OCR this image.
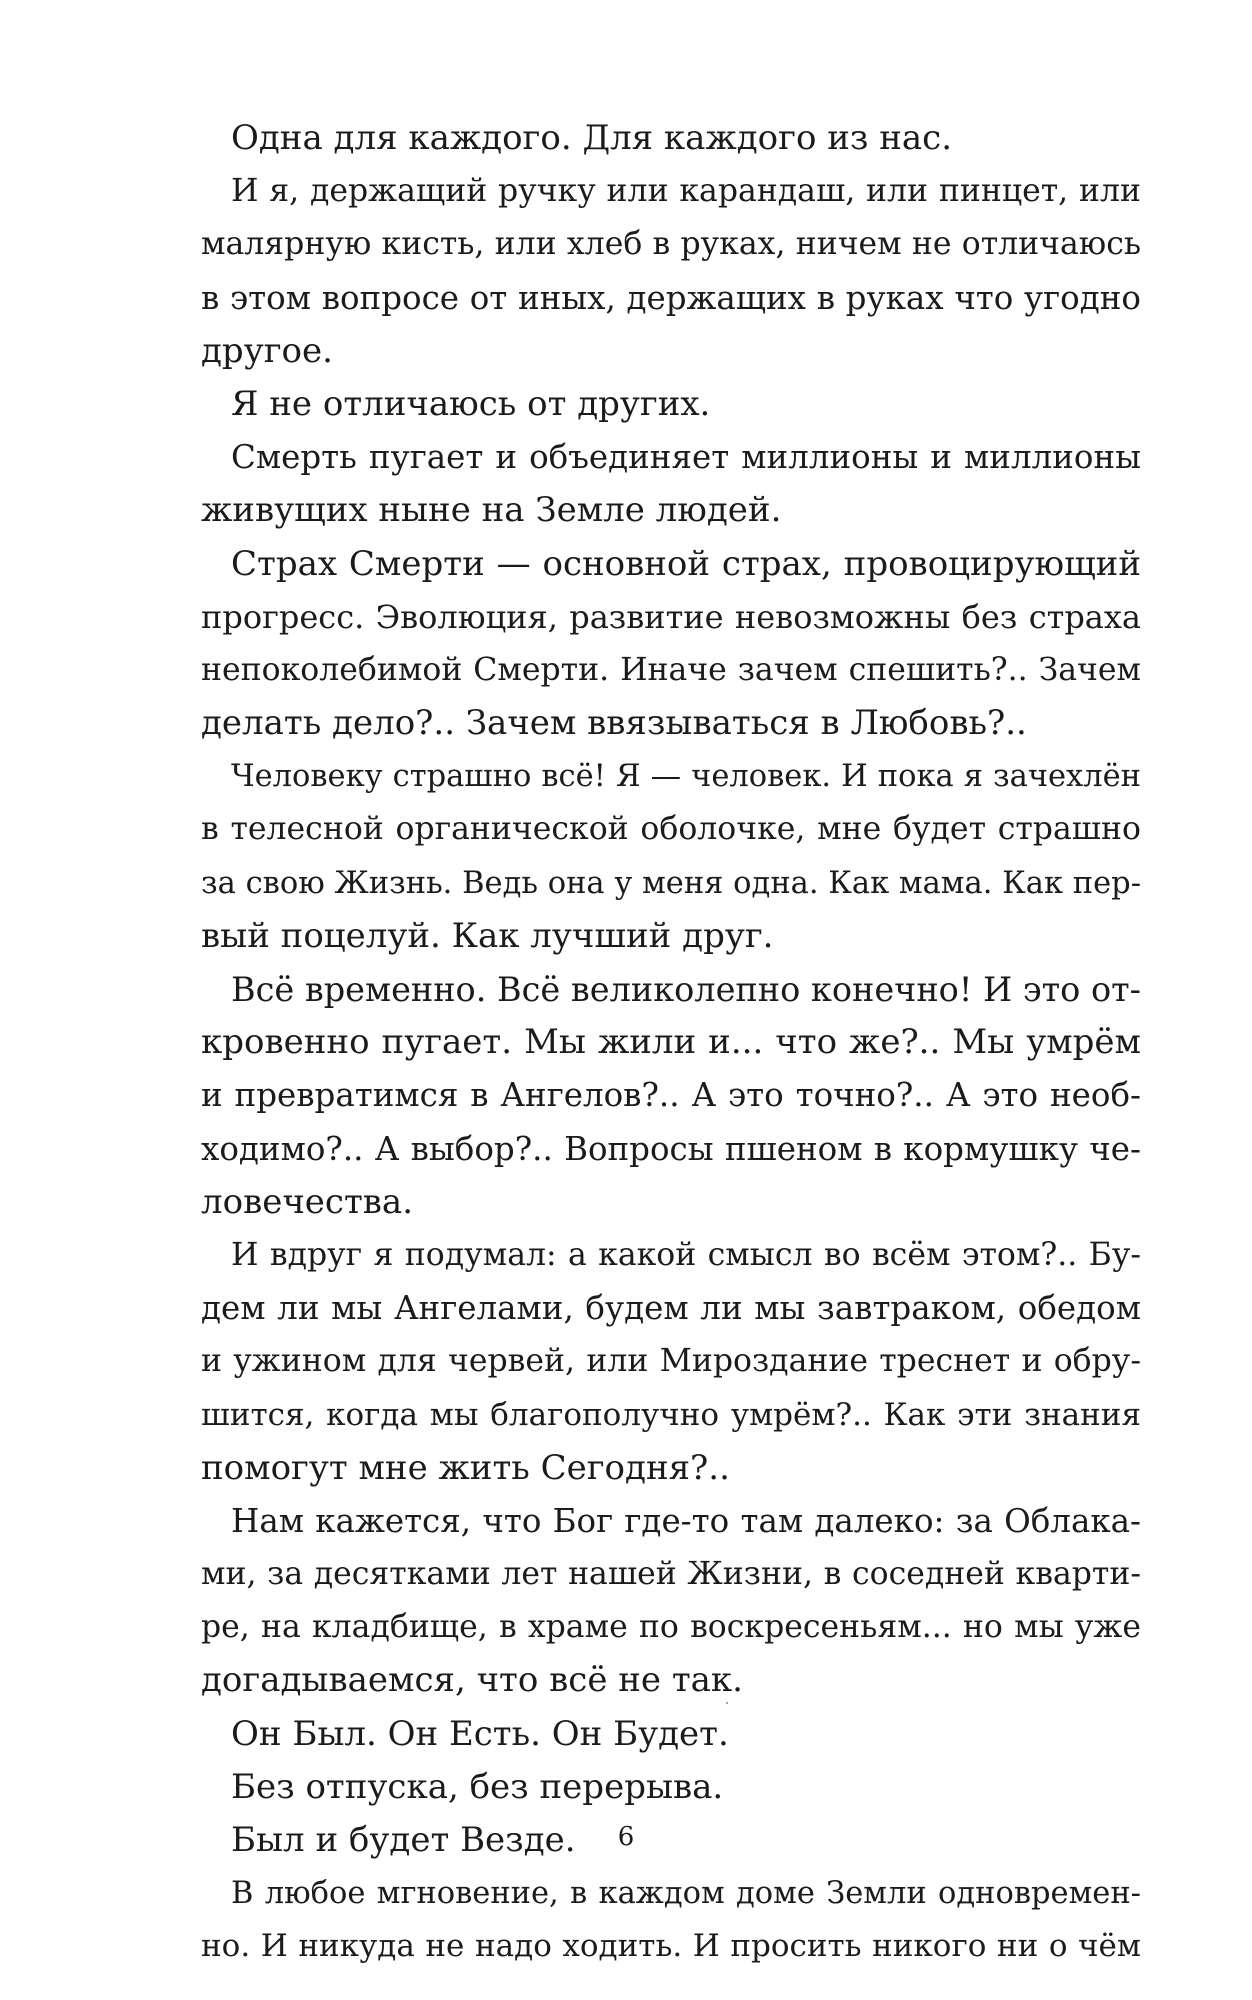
Одна для каждого. Для каждого из нас.

И я, держащий ручку или карандаш, или пинцет, или
малярную кисть, или хлеб в руках, ничем не отличаюсь
в этом вопросе от иных, держащих в руках что угодно
другое.

Я не отличаюсь от других.

Смерть пугает и объединяет миллионы и миллионы
живущих ныне на Земле людей.

Страх Смерти — основной страх, провоцирующий
прогресс. Эволюция, развитие невозможны без страха
непоколебимой Смерти. Иначе зачем спешить?.. Зачем
делать дело?.. Зачем ввязываться в Любовь?..

Человеку страшно всё! Я — человек. И пока я зачехлён
в телесной органической оболочке, мне будет страшно
за свою Жизнь. Ведь она у меня одна. Как мама. Как пер-
вый поцелуй. Как лучший друг.

Всё временно. Всё великолепно конечно! И это от-
кровенно пугает. Мы жили и... что же?.. Мы умрём
и превратимся в Ангелов?.. А это точно?.. А это необ-
ходимо?.. А выбор?.. Вопросы пшеном в кормушку че-
ловечества.

И вдруг я подумал: а какой смысл во всём этом?.. Бу-
дем ли мы Ангелами, будем ли мы завтраком, обедом
и ужином для червей, или Мироздание треснет и обру-
шится, когда мы благополучно умрём?.. Как эти знания
помогут мне жить Сегодня?..

Нам кажется, что Бог где-то там далеко: за Облака-
ми, за десятками лет нашей Жизни, в соседней кварти-
ре, на кладбище, в храме по воскресеньям... но мы уже
догадываемся, что всё не так.

Он Был. Он Есть. Он Будет.

Без отпуска, без перерыва.

Был и будет Везде.

В любое мгновение, в каждом доме Земли одновремен-
но. И никуда не надо ходить. И просить никого ни о чём

6
